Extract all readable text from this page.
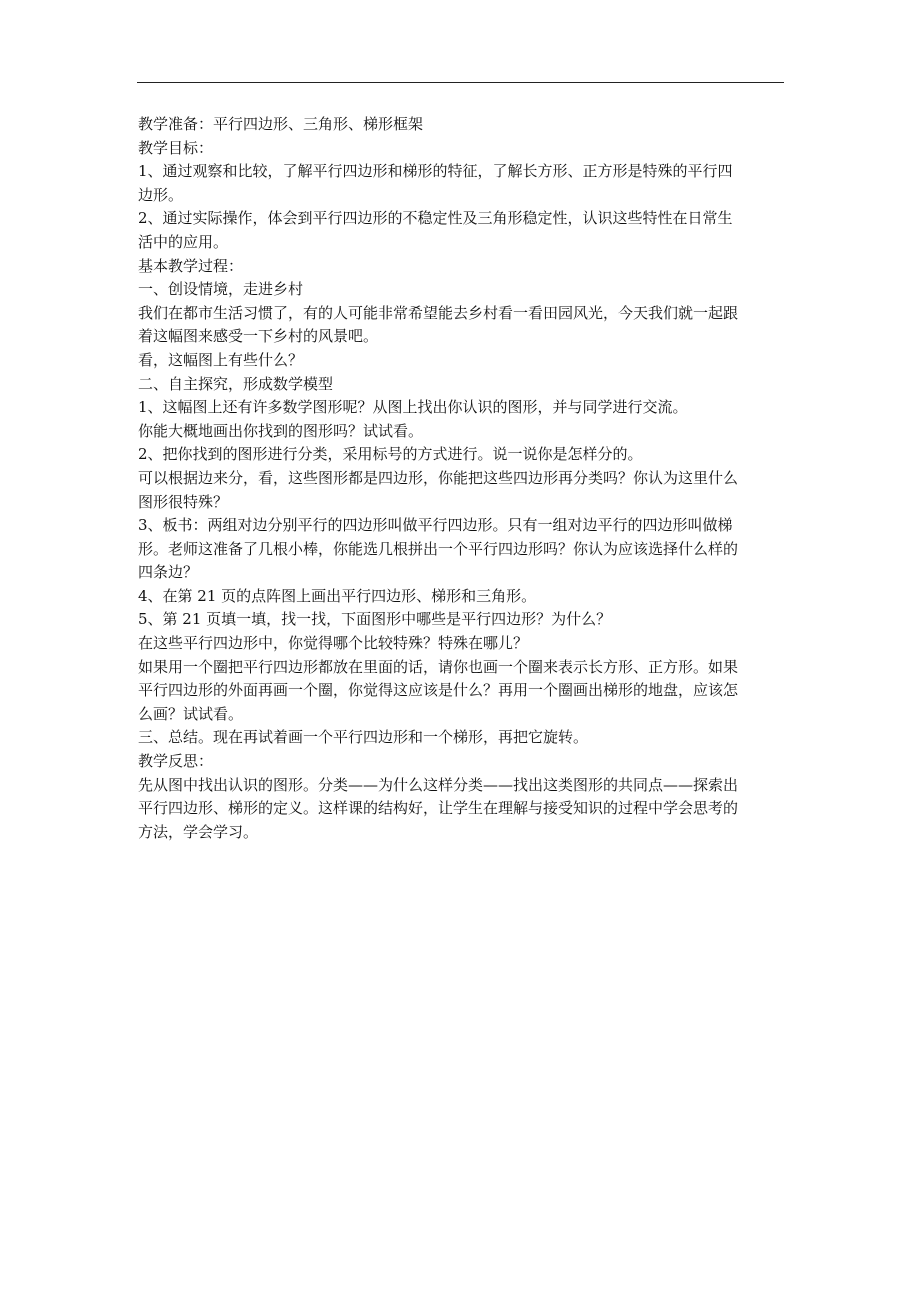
教学准备：平行四边形、三角形、梯形框架

教学目标：

1、通过观察和比较，了解平行四边形和梯形的特征，了解长方形、正方形是特殊的平行四

边形。

2、通过实际操作，体会到平行四边形的不稳定性及三角形稳定性，认识这些特性在日常生

活中的应用。

基本教学过程：

一、创设情境，走进乡村

我们在都市生活习惯了，有的人可能非常希望能去乡村看一看田园风光，今天我们就一起跟

着这幅图来感受一下乡村的风景吧。

看，这幅图上有些什么？

二、自主探究，形成数学模型

1、这幅图上还有许多数学图形呢？从图上找出你认识的图形，并与同学进行交流。

你能大概地画出你找到的图形吗？试试看。

2、把你找到的图形进行分类，采用标号的方式进行。说一说你是怎样分的。

可以根据边来分，看，这些图形都是四边形，你能把这些四边形再分类吗？你认为这里什么

图形很特殊？

3、板书：两组对边分别平行的四边形叫做平行四边形。只有一组对边平行的四边形叫做梯

形。老师这准备了几根小棒，你能选几根拼出一个平行四边形吗？你认为应该选择什么样的

四条边？

4、在第 21 页的点阵图上画出平行四边形、梯形和三角形。

5、第 21 页填一填，找一找，下面图形中哪些是平行四边形？为什么？

在这些平行四边形中，你觉得哪个比较特殊？特殊在哪儿？

如果用一个圈把平行四边形都放在里面的话，请你也画一个圈来表示长方形、正方形。如果

平行四边形的外面再画一个圈，你觉得这应该是什么？再用一个圈画出梯形的地盘，应该怎

么画？试试看。

三、总结。现在再试着画一个平行四边形和一个梯形，再把它旋转。

教学反思：

先从图中找出认识的图形。分类——为什么这样分类——找出这类图形的共同点——探索出

平行四边形、梯形的定义。这样课的结构好，让学生在理解与接受知识的过程中学会思考的

方法，学会学习。
